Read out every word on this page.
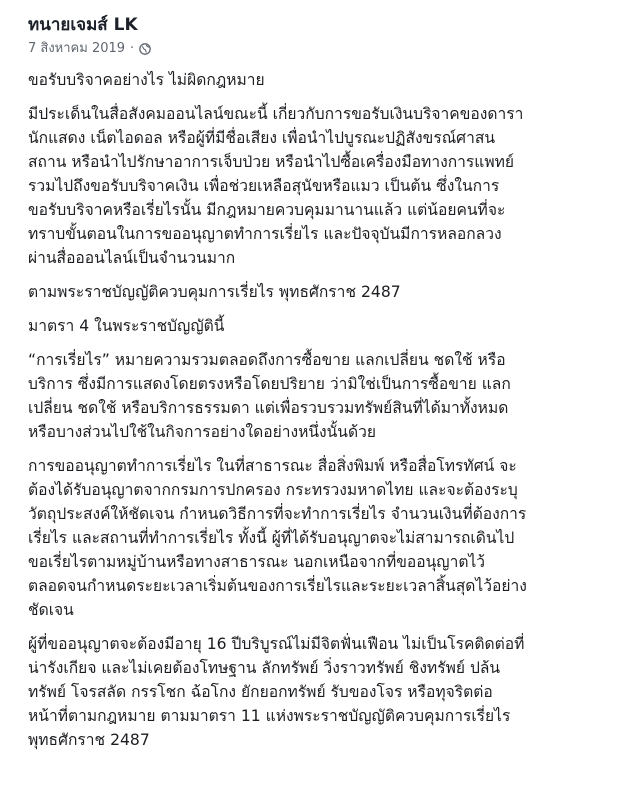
ทนายเจมส์ LK
7 สิงหาคม 2019 ·

ขอรับบริจาคอย่างไร ไม่ผิดกฎหมาย

มีประเด็นในสื่อสังคมออนไลน์ขณะนี้ เกี่ยวกับการขอรับเงินบริจาคของดารา
นักแสดง เน็ตไอดอล หรือผู้ที่มีชื่อเสียง เพื่อนำไปบูรณะปฏิสังขรณ์ศาสน
สถาน หรือนำไปรักษาอาการเจ็บป่วย หรือนำไปซื้อเครื่องมือทางการแพทย์
รวมไปถึงขอรับบริจาคเงิน เพื่อช่วยเหลือสุนัขหรือแมว เป็นต้น ซึ่งในการ
ขอรับบริจาคหรือเรี่ยไรนั้น มีกฎหมายควบคุมมานานแล้ว แต่น้อยคนที่จะ
ทราบขั้นตอนในการขออนุญาตทำการเรี่ยไร และปัจจุบันมีการหลอกลวง
ผ่านสื่อออนไลน์เป็นจำนวนมาก

ตามพระราชบัญญัติควบคุมการเรี่ยไร พุทธศักราช 2487

มาตรา 4 ในพระราชบัญญัตินี้

“การเรี่ยไร” หมายความรวมตลอดถึงการซื้อขาย แลกเปลี่ยน ชดใช้ หรือ
บริการ ซึ่งมีการแสดงโดยตรงหรือโดยปริยาย ว่ามิใช่เป็นการซื้อขาย แลก
เปลี่ยน ชดใช้ หรือบริการธรรมดา แต่เพื่อรวบรวมทรัพย์สินที่ได้มาทั้งหมด
หรือบางส่วนไปใช้ในกิจการอย่างใดอย่างหนึ่งนั้นด้วย

การขออนุญาตทำการเรี่ยไร ในที่สาธารณะ สื่อสิ่งพิมพ์ หรือสื่อโทรทัศน์ จะ
ต้องได้รับอนุญาตจากกรมการปกครอง กระทรวงมหาดไทย และจะต้องระบุ
วัตถุประสงค์ให้ชัดเจน กำหนดวิธีการที่จะทำการเรี่ยไร จำนวนเงินที่ต้องการ
เรี่ยไร และสถานที่ทำการเรี่ยไร ทั้งนี้ ผู้ที่ได้รับอนุญาตจะไม่สามารถเดินไป
ขอเรี่ยไรตามหมู่บ้านหรือทางสาธารณะ นอกเหนือจากที่ขออนุญาตไว้
ตลอดจนกำหนดระยะเวลาเริ่มต้นของการเรี่ยไรและระยะเวลาสิ้นสุดไว้อย่าง
ชัดเจน

ผู้ที่ขออนุญาตจะต้องมีอายุ 16 ปีบริบูรณ์ไม่มีจิตฟั่นเฟือน ไม่เป็นโรคติดต่อที่
น่ารังเกียจ และไม่เคยต้องโทษฐาน ลักทรัพย์ วิ่งราวทรัพย์ ชิงทรัพย์ ปล้น
ทรัพย์ โจรสลัด กรรโชก ฉ้อโกง ยักยอกทรัพย์ รับของโจร หรือทุจริตต่อ
หน้าที่ตามกฎหมาย ตามมาตรา 11 แห่งพระราชบัญญัติควบคุมการเรี่ยไร
พุทธศักราช 2487
